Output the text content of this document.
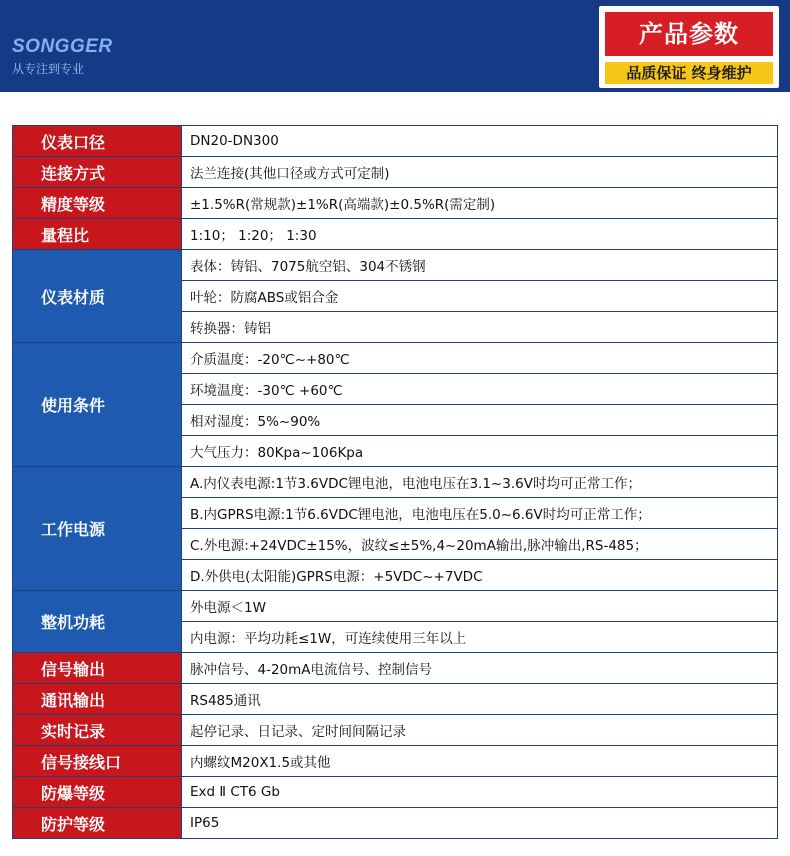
SONGGER
从专注到专业
产品参数
品质保证 终身维护
仪表口径	DN20-DN300
连接方式	法兰连接(其他口径或方式可定制)
精度等级	±1.5%R(常规款)±1%R(高端款)±0.5%R(需定制)
量程比	1:10； 1:20； 1:30
仪表材质	表体：铸铝、7075航空铝、304不锈钢
	叶轮：防腐ABS或铝合金
	转换器：铸铝
使用条件	介质温度：-20℃~+80℃
	环境温度：-30℃ +60℃
	相对湿度：5%~90%
	大气压力：80Kpa~106Kpa
工作电源	A.内仪表电源:1节3.6VDC锂电池，电池电压在3.1~3.6V时均可正常工作；
	B.内GPRS电源:1节6.6VDC锂电池，电池电压在5.0~6.6V时均可正常工作；
	C.外电源:+24VDC±15%，波纹≤±5%,4~20mA输出,脉冲输出,RS-485；
	D.外供电(太阳能)GPRS电源：+5VDC~+7VDC
整机功耗	外电源＜1W
	内电源：平均功耗≤1W，可连续使用三年以上
信号输出	脉冲信号、4-20mA电流信号、控制信号
通讯输出	RS485通讯
实时记录	起停记录、日记录、定时间间隔记录
信号接线口	内螺纹M20X1.5或其他
防爆等级	Exd Ⅱ CT6 Gb
防护等级	IP65
